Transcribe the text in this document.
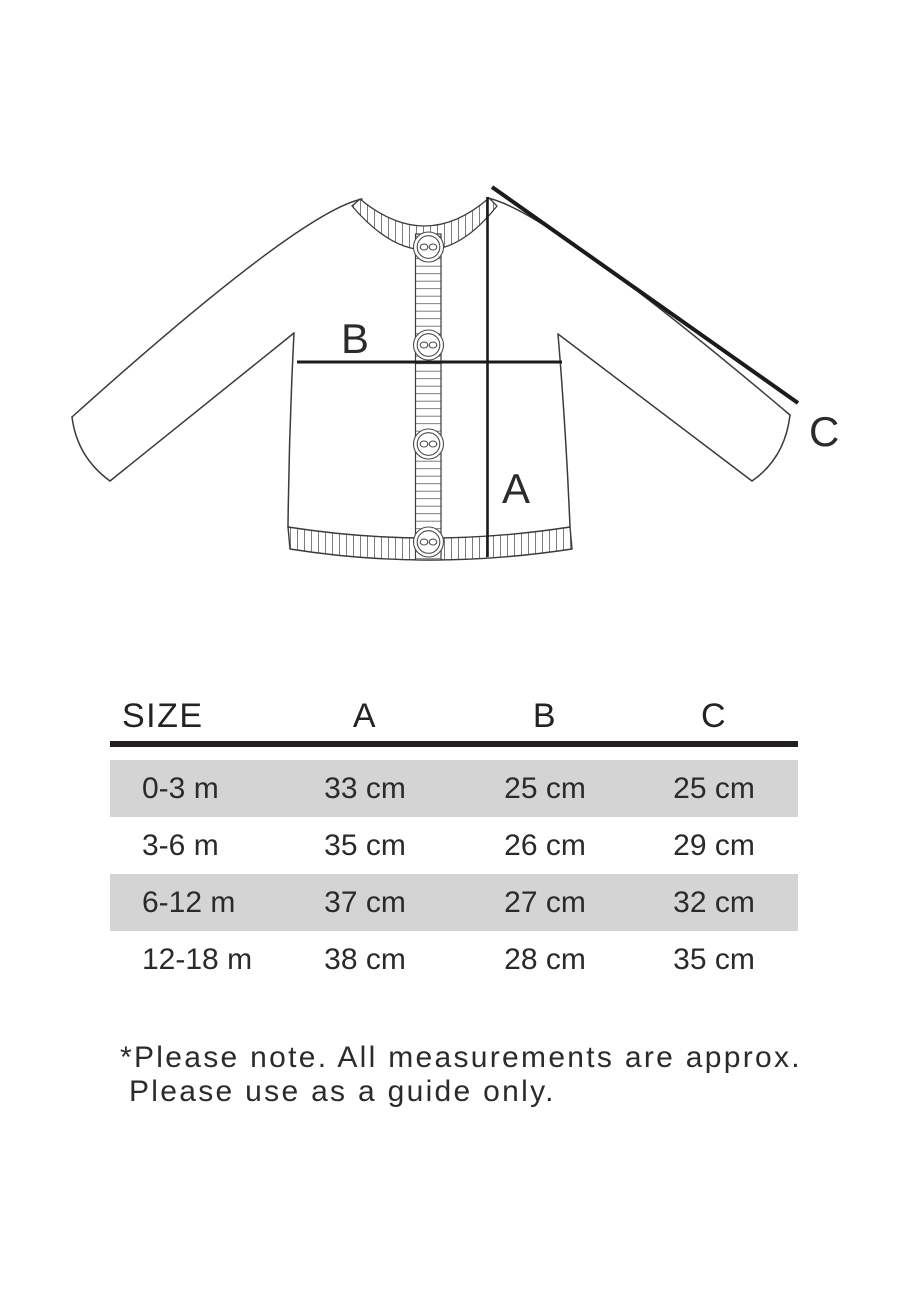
B
A
C
SIZE	A	B	C
0-3 m	33 cm	25 cm	25 cm
3-6 m	35 cm	26 cm	29 cm
6-12 m	37 cm	27 cm	32 cm
12-18 m	38 cm	28 cm	35 cm
*Please note. All measurements are approx.
Please use as a guide only.
